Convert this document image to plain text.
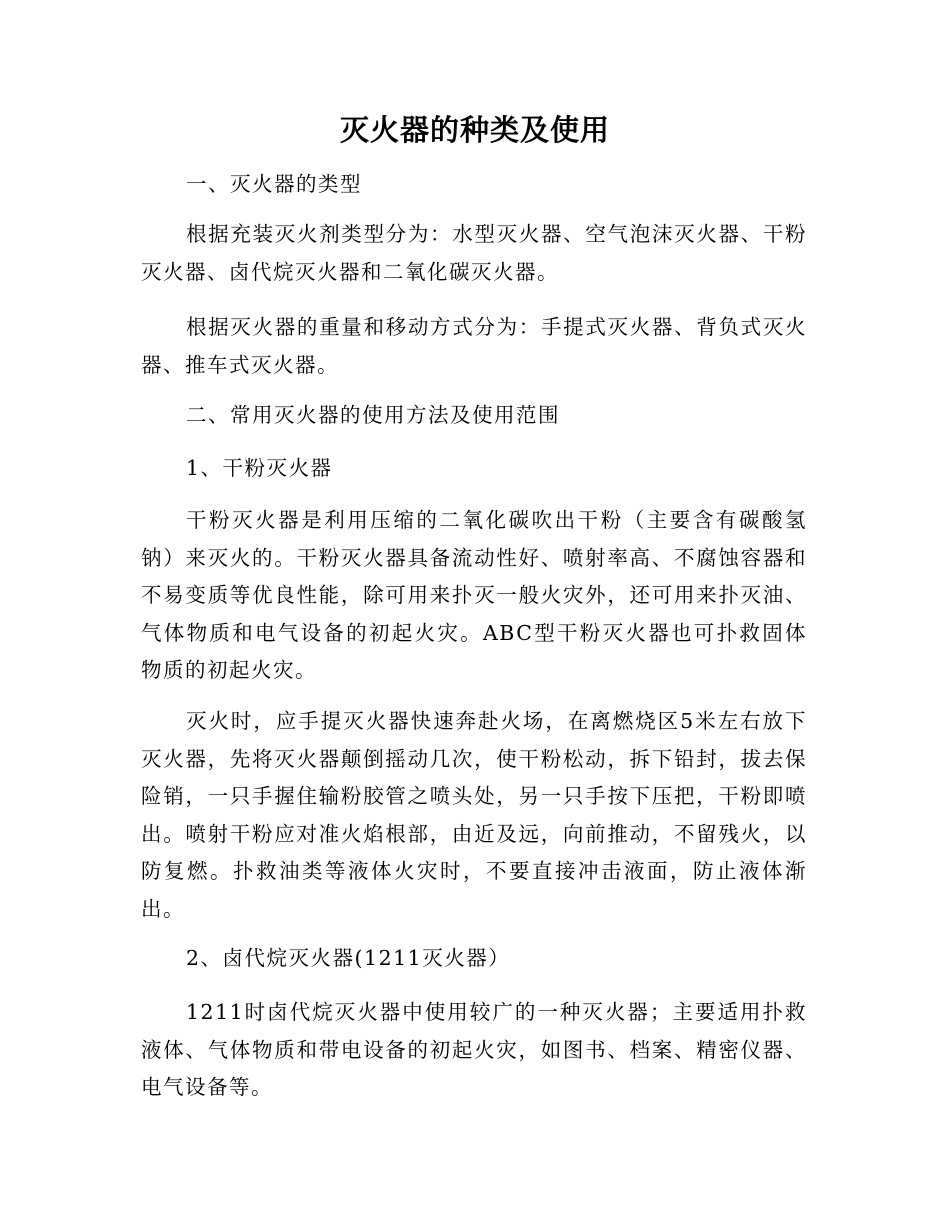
灭火器的种类及使用

一、灭火器的类型

根据充装灭火剂类型分为：水型灭火器、空气泡沫灭火器、干粉灭火器、卤代烷灭火器和二氧化碳灭火器。

根据灭火器的重量和移动方式分为：手提式灭火器、背负式灭火器、推车式灭火器。

二、常用灭火器的使用方法及使用范围

1、干粉灭火器

干粉灭火器是利用压缩的二氧化碳吹出干粉（主要含有碳酸氢钠）来灭火的。干粉灭火器具备流动性好、喷射率高、不腐蚀容器和不易变质等优良性能，除可用来扑灭一般火灾外，还可用来扑灭油、气体物质和电气设备的初起火灾。ABC型干粉灭火器也可扑救固体物质的初起火灾。

灭火时，应手提灭火器快速奔赴火场，在离燃烧区5米左右放下灭火器，先将灭火器颠倒摇动几次，使干粉松动，拆下铅封，拔去保险销，一只手握住输粉胶管之喷头处，另一只手按下压把，干粉即喷出。喷射干粉应对准火焰根部，由近及远，向前推动，不留残火，以防复燃。扑救油类等液体火灾时，不要直接冲击液面，防止液体渐出。

2、卤代烷灭火器(1211灭火器）

1211时卤代烷灭火器中使用较广的一种灭火器；主要适用扑救液体、气体物质和带电设备的初起火灾，如图书、档案、精密仪器、电气设备等。
